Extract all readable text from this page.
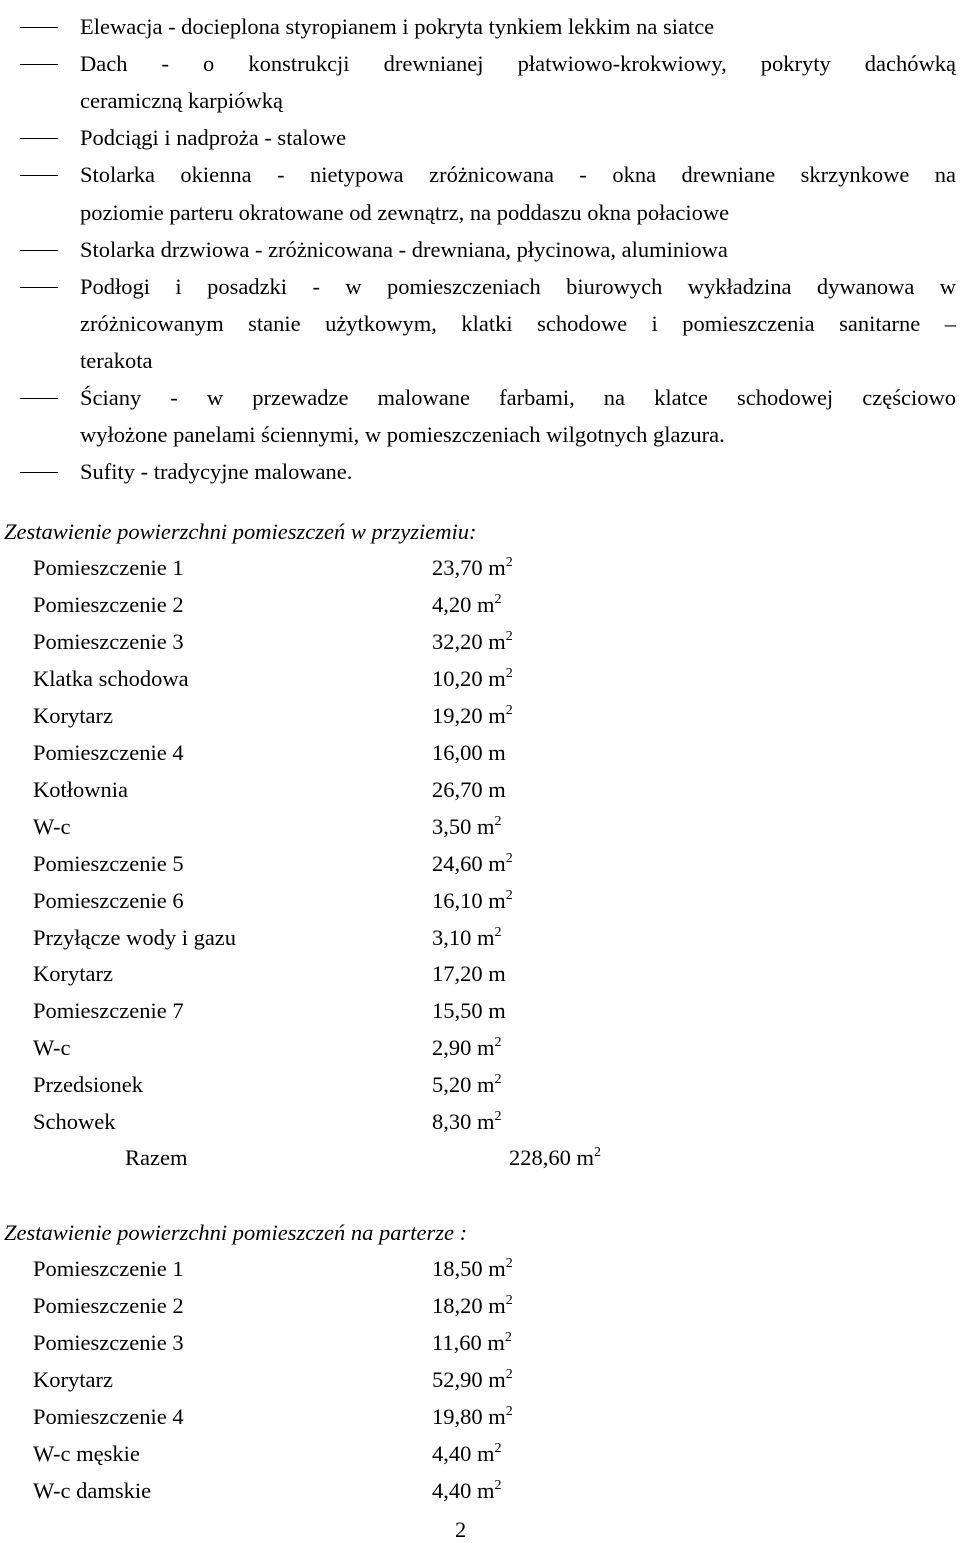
Elewacja - docieplona styropianem i pokryta tynkiem lekkim na siatce
Dach - o konstrukcji drewnianej płatwiowo-krokwiowy, pokryty dachówką
ceramiczną karpiówką
Podciągi i nadproża - stalowe
Stolarka okienna - nietypowa zróżnicowana - okna drewniane skrzynkowe na
poziomie parteru okratowane od zewnątrz, na poddaszu okna połaciowe
Stolarka drzwiowa - zróżnicowana - drewniana, płycinowa, aluminiowa
Podłogi i posadzki - w pomieszczeniach biurowych wykładzina dywanowa w
zróżnicowanym stanie użytkowym, klatki schodowe i pomieszczenia sanitarne –
terakota
Ściany - w przewadze malowane farbami, na klatce schodowej częściowo
wyłożone panelami ściennymi, w pomieszczeniach wilgotnych glazura.
Sufity - tradycyjne malowane.
Zestawienie powierzchni pomieszczeń w przyziemiu:
Pomieszczenie 1	23,70 $m^2$
Pomieszczenie 2	4,20 $m^2$
Pomieszczenie 3	32,20 $m^2$
Klatka schodowa	10,20 $m^2$
Korytarz	19,20 $m^2$
Pomieszczenie 4	16,00 m
Kotłownia	26,70 m
W-c	3,50 $m^2$
Pomieszczenie 5	24,60 $m^2$
Pomieszczenie 6	16,10 $m^2$
Przyłącze wody i gazu	3,10 $m^2$
Korytarz	17,20 m
Pomieszczenie 7	15,50 m
W-c	2,90 $m^2$
Przedsionek	5,20 $m^2$
Schowek	8,30 $m^2$
Razem	228,60 $m^2$
Zestawienie powierzchni pomieszczeń na parterze :
Pomieszczenie 1	18,50 $m^2$
Pomieszczenie 2	18,20 $m^2$
Pomieszczenie 3	11,60 $m^2$
Korytarz	52,90 $m^2$
Pomieszczenie 4	19,80 $m^2$
W-c męskie	4,40 $m^2$
W-c damskie	4,40 $m^2$
2
